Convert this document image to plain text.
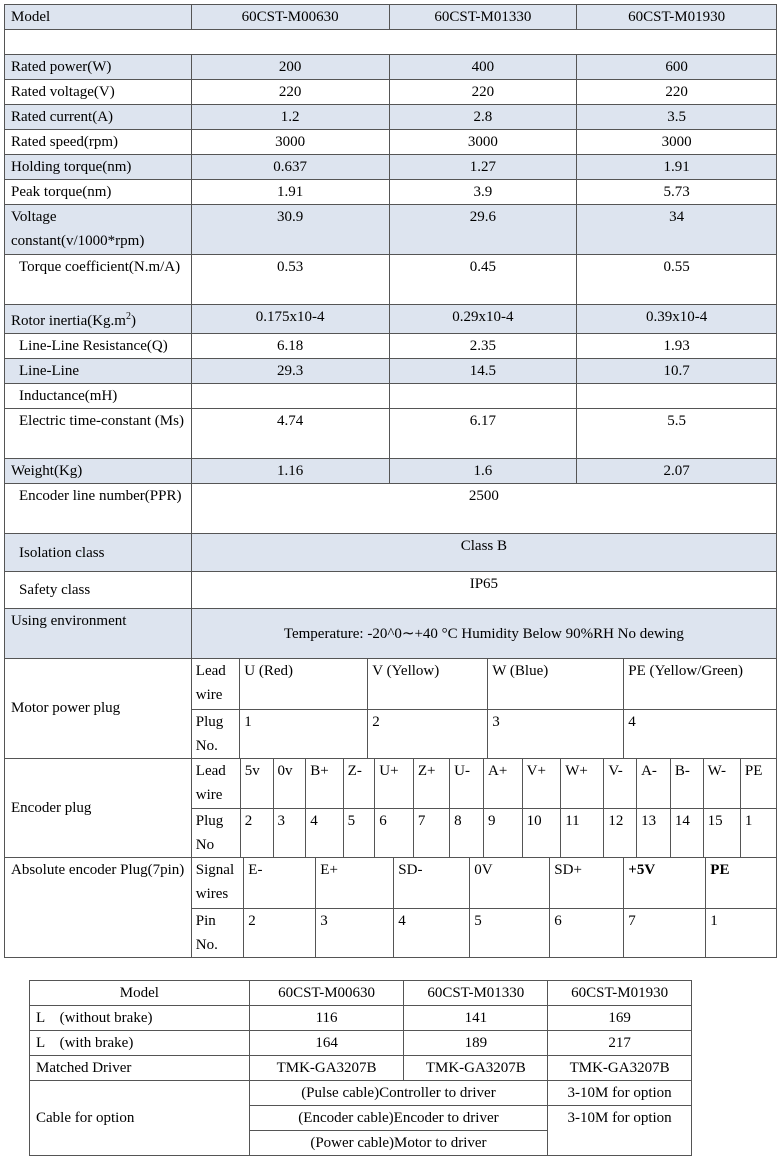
Model	60CST-M00630	60CST-M01330	60CST-M01930

Rated power(W)	200	400	600
Rated voltage(V)	220	220	220
Rated current(A)	1.2	2.8	3.5
Rated speed(rpm)	3000	3000	3000
Holding torque(nm)	0.637	1.27	1.91
Peak torque(nm)	1.91	3.9	5.73
Voltage constant(v/1000*rpm)	30.9	29.6	34
Torque coefficient(N.m/A)	0.53	0.45	0.55
Rotor $inertia(Kg.m^2)$	0.175x10-4	0.29x10-4	0.39x10-4
Line-Line Resistance(Q)	6.18	2.35	1.93
Line-Line	29.3	14.5	10.7
Inductance(mH)			
Electric time-constant (Ms)	4.74	6.17	5.5
Weight(Kg)	1.16	1.6	2.07
Encoder line number(PPR)	2500
Isolation class	Class B
Safety class	IP65
Using environment	Temperature: -20^0∼+40 °C Humidity Below 90%RH No dewing
Motor power plug	
Lead wire	U (Red)	V (Yellow)	W (Blue)	PE (Yellow/Green)
Plug No.	1	2	3	4

Encoder plug	
Lead wire	5v	0v	B+	Z-	U+	Z+	U-	A+	V+	W+	V-	A-	B-	W-	PE
Plug No	2	3	4	5	6	7	8	9	10	11	12	13	14	15	1

Absolute encoder Plug(7pin)	Signal wires	E-	E+	SD-	0V	SD+	+5V	PE
Pin No.	2	3	4	5	6	7	1
Model	60CST-M00630	60CST-M01330	60CST-M01930
L    (without brake)	116	141	169
L    (with brake)	164	189	217
Matched Driver	TMK-GA3207B	TMK-GA3207B	TMK-GA3207B
Cable for option	(Pulse cable)Controller to driver		3-10M for option
	(Encoder cable)Encoder to driver		3-10M for option
	(Power cable)Motor to driver		
